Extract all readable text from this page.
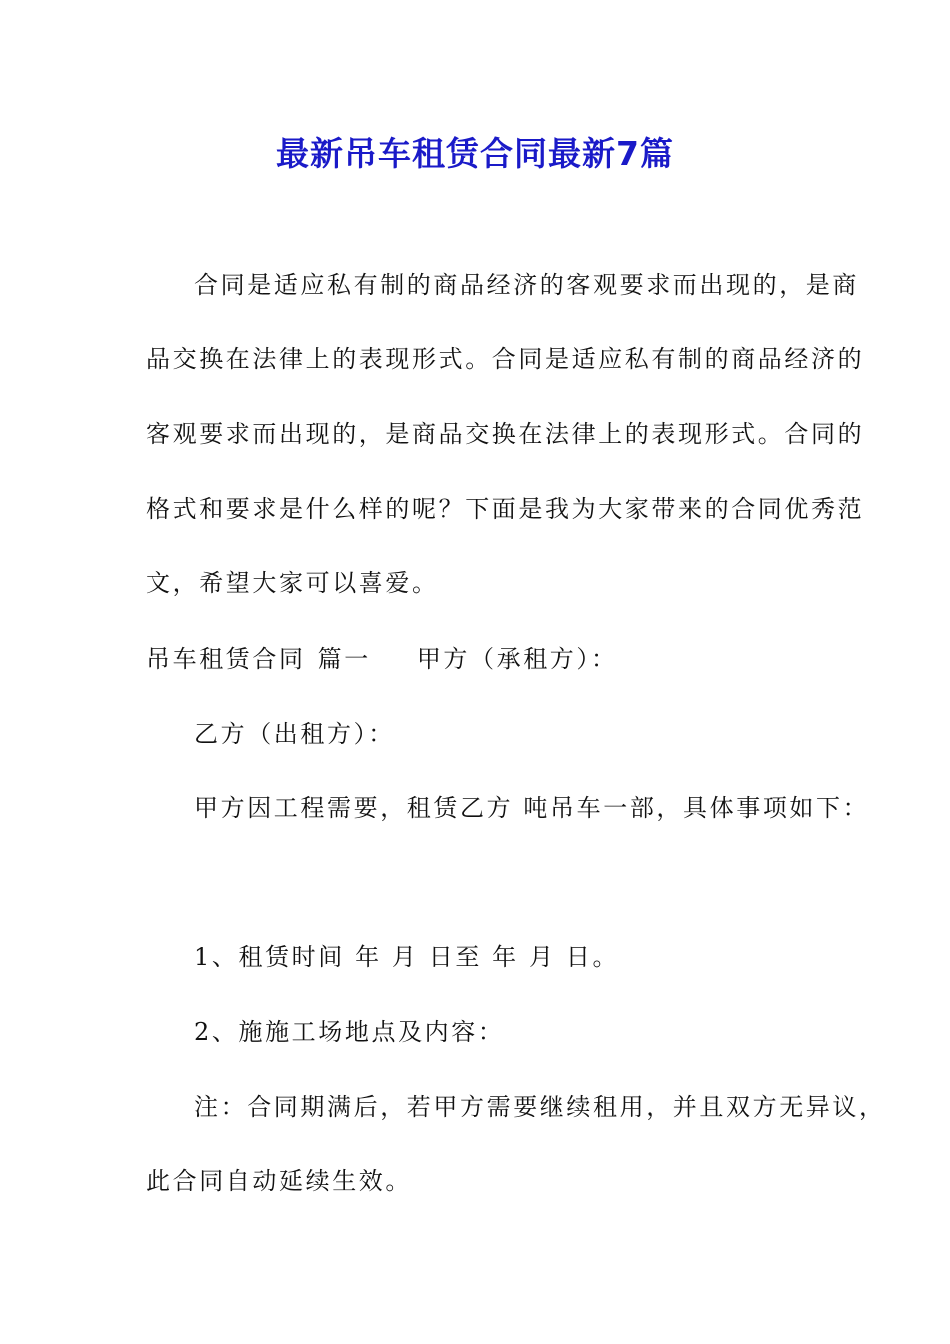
最新吊车租赁合同最新7篇
合同是适应私有制的商品经济的客观要求而出现的，是商
品交换在法律上的表现形式。合同是适应私有制的商品经济的
客观要求而出现的，是商品交换在法律上的表现形式。合同的
格式和要求是什么样的呢？下面是我为大家带来的合同优秀范
文，希望大家可以喜爱。
吊车租赁合同 篇一 甲方（承租方）：
乙方（出租方）：
甲方因工程需要，租赁乙方 吨吊车一部，具体事项如下：
1、租赁时间 年 月 日至 年 月 日。
2、施施工场地点及内容：
注：合同期满后，若甲方需要继续租用，并且双方无异议，
此合同自动延续生效。
